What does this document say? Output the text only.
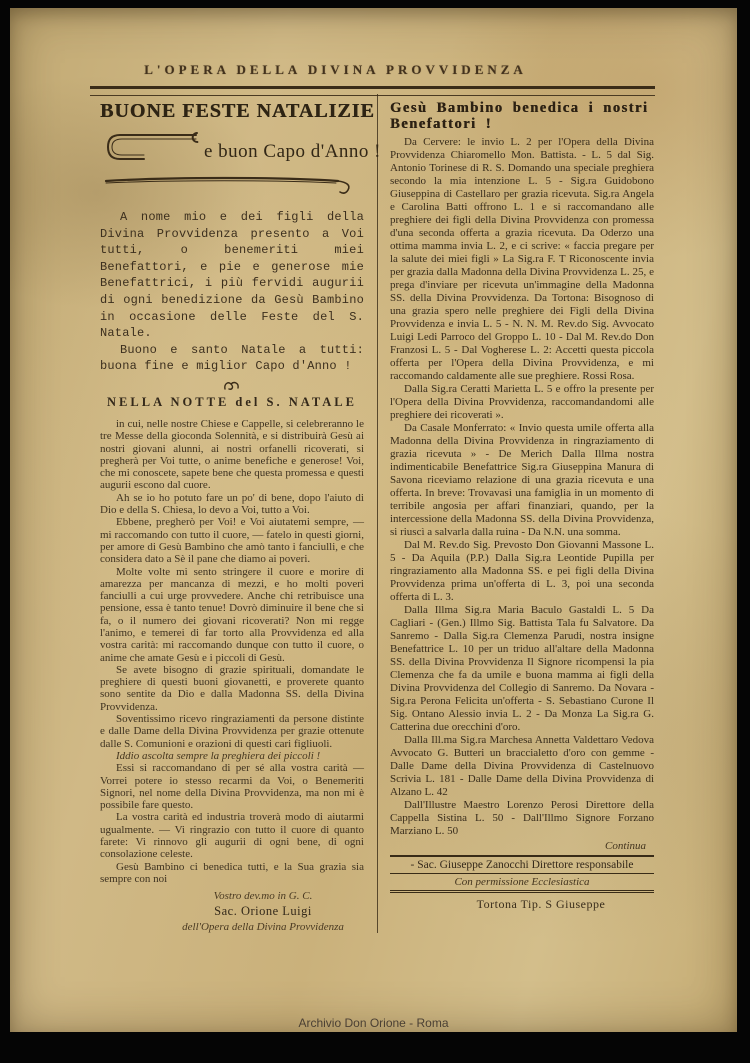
L'OPERA DELLA DIVINA PROVVIDENZA
BUONE FESTE NATALIZIE
e buon Capo d'Anno !

A nome mio e dei figli della Divina Provvidenza presento a Voi tutti, o benemeriti miei Benefattori, e pie e generose mie Benefattrici, i più fervidi augurii di ogni benedizione da Gesù Bambino in occasione delle Feste del S. Natale.

Buono e santo Natale a tutti: buona fine e miglior Capo d'Anno !

NELLA NOTTE del S. NATALE

in cui, nelle nostre Chiese e Cappelle, si celebreranno le tre Messe della gioconda Solennità, e si distribuirà Gesù ai nostri giovani alunni, ai nostri orfanelli ricoverati, si pregherà per Voi tutte, o anime benefiche e generose! Voi, che mi conoscete, sapete bene che questa promessa e questi augurii escono dal cuore.

Ah se io ho potuto fare un po' di bene, dopo l'aiuto di Dio e della S. Chiesa, lo devo a Voi, tutto a Voi.

Ebbene, pregherò per Voi! e Voi aiutatemi sempre, — mi raccomando con tutto il cuore, — fatelo in questi giorni, per amore di Gesù Bambino che amò tanto i fanciulli, e che considera dato a Sè il pane che diamo ai poveri.

Molte volte mi sento stringere il cuore e morire di amarezza per mancanza di mezzi, e ho molti poveri fanciulli a cui urge provvedere. Anche chi retribuisce una pensione, essa è tanto tenue! Dovrò diminuire il bene che si fa, o il numero dei giovani ricoverati? Non mi regge l'animo, e temerei di far torto alla Provvidenza ed alla vostra carità: mi raccomando dunque con tutto il cuore, o anime che amate Gesù e i piccoli di Gesù.

Se avete bisogno di grazie spirituali, domandate le preghiere di questi buoni giovanetti, e proverete quanto sono sentite da Dio e dalla Madonna SS. della Divina Provvidenza.

Soventissimo ricevo ringraziamenti da persone distinte e dalle Dame della Divina Provvidenza per grazie ottenute dalle S. Comunioni e orazioni di questi cari figliuoli.

Iddio ascolta sempre la preghiera dei piccoli !

Essi si raccomandano di per sé alla vostra carità — Vorrei potere io stesso recarmi da Voi, o Benemeriti Signori, nel nome della Divina Provvidenza, ma non mi è possibile fare questo.

La vostra carità ed industria troverà modo di aiutarmi ugualmente. — Vi ringrazio con tutto il cuore di quanto farete: Vi rinnovo gli augurii di ogni bene, di ogni consolazione celeste.

Gesù Bambino ci benedica tutti, e la Sua grazia sia sempre con noi

Vostro dev.mo in G. C.

Sac. Orione Luigi

dell'Opera della Divina Provvidenza

Gesù Bambino benedica i nostri Benefattori !

Da Cervere: le invio L. 2 per l'Opera della Divina Provvidenza Chiaromello Mon. Battista. - L. 5 dal Sig. Antonio Torinese di R. S. Domando una speciale preghiera secondo la mia intenzione L. 5 - Sig.ra Guidobono Giuseppina di Castellaro per grazia ricevuta. Sig.ra Angela e Carolina Batti offrono L. 1 e si raccomandano alle preghiere dei figli della Divina Provvidenza con promessa d'una seconda offerta a grazia ricevuta. Da Oderzo una ottima mamma invia L. 2, e ci scrive: « faccia pregare per la salute dei miei figli » La Sig.ra F. T Riconoscente invia per grazia dalla Madonna della Divina Provvidenza L. 25, e prega d'inviare per ricevuta un'immagine della Madonna SS. della Divina Provvidenza. Da Tortona: Bisognoso di una grazia spero nelle preghiere dei Figli della Divina Provvidenza e invia L. 5 - N. N. M. Rev.do Sig. Avvocato Luigi Ledi Parroco del Groppo L. 10 - Dal M. Rev.do Don Franzosi L. 5 - Dal Vogherese L. 2: Accetti questa piccola offerta per l'Opera della Divina Provvidenza, e mi raccomando caldamente alle sue preghiere. Rossi Rosa.

Dalla Sig.ra Ceratti Marietta L. 5 e offro la presente per l'Opera della Divina Provvidenza, raccomandandomi alle preghiere dei ricoverati ».

Da Casale Monferrato: « Invio questa umile offerta alla Madonna della Divina Provvidenza in ringraziamento di grazia ricevuta » - De Merich Dalla Illma nostra indimenticabile Benefattrice Sig.ra Giuseppina Manura di Savona riceviamo relazione di una grazia ricevuta e una offerta. In breve: Trovavasi una famiglia in un momento di terribile angosia per affari finanziari, quando, per la intercessione della Madonna SS. della Divina Provvidenza, si riuscì a salvarla dalla ruina - Da N.N. una somma.

Dal M. Rev.do Sig. Prevosto Don Giovanni Massone L. 5 - Da Aquila (P.P.) Dalla Sig.ra Leontide Pupilla per ringraziamento alla Madonna SS. e pei figli della Divina Provvidenza prima un'offerta di L. 3, poi una seconda offerta di L. 3.

Dalla Illma Sig.ra Maria Baculo Gastaldi L. 5 Da Cagliari - (Gen.) Illmo Sig. Battista Tala fu Salvatore. Da Sanremo - Dalla Sig.ra Clemenza Parudi, nostra insigne Benefattrice L. 10 per un triduo all'altare della Madonna SS. della Divina Provvidenza Il Signore ricompensi la pia Clemenza che fa da umile e buona mamma ai figli della Divina Provvidenza del Collegio di Sanremo. Da Novara - Sig.ra Perona Felicita un'offerta - S. Sebastiano Curone Il Sig. Ontano Alessio invia L. 2 - Da Monza La Sig.ra G. Catterina due orecchini d'oro.

Dalla Ill.ma Sig.ra Marchesa Annetta Valdettaro Vedova Avvocato G. Butteri un braccialetto d'oro con gemme - Dalle Dame della Divina Provvidenza di Castelnuovo Scrivia L. 181 - Dalle Dame della Divina Provvidenza di Alzano L. 42

Dall'Illustre Maestro Lorenzo Perosi Direttore della Cappella Sistina L. 50 - Dall'Illmo Signore Forzano Marziano L. 50

Continua
- Sac. Giuseppe Zanocchi Direttore responsabile
Con permissione Ecclesiastica
Tortona Tip. S Giuseppe
Archivio Don Orione - Roma
